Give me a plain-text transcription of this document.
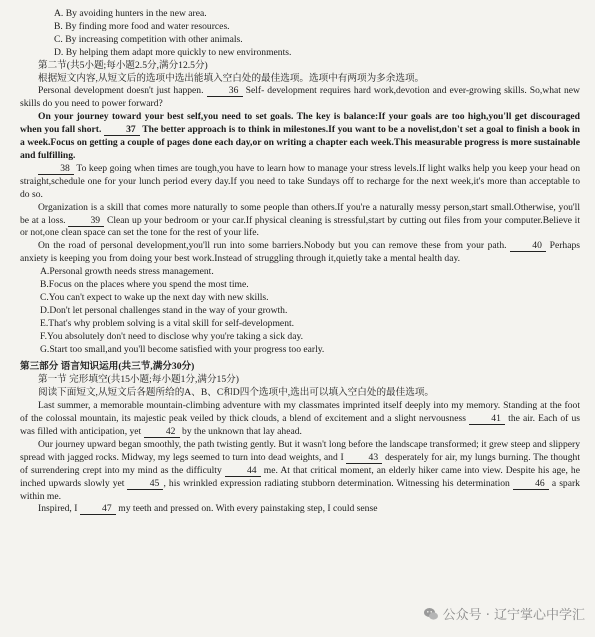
A. By avoiding hunters in the new area.
B. By finding more food and water resources.
C. By increasing competition with other animals.
D. By helping them adapt more quickly to new environments.
第二节(共5小题;每小题2.5分,满分12.5分)
根据短文内容,从短文后的选项中选出能填入空白处的最佳选项。选项中有两项为多余选项。
Personal development doesn't just happen.	36 Self- development requires hard work,devotion and ever-growing skills. So,what new skills do you need to power forward?
On your journey toward your best self,you need to set goals. The key is balance:If your goals are too high,you'll get discouraged when you fall short.	37 The better approach is to think in milestones.If you want to be a novelist,don't set a goal to finish a book in a week.Focus on getting a couple of pages done each day,or on writing a chapter each week.This measurable progress is more sustainable and fulfilling.
38 To keep going when times are tough,you have to learn how to manage your stress levels.If light walks help you keep your head on straight,schedule one for your lunch period every day.If you need to take Sundays off to recharge for the next week,it's more than acceptable to do so.
Organization is a skill that comes more naturally to some people than others.If you're a naturally messy person,start small.Otherwise, you'll be at a loss.	39 Clean up your bedroom or your car.If physical cleaning is stressful,start by cutting out files from your computer.Believe it or not,one clean space can set the tone for the rest of your life.
On the road of personal development,you'll run into some barriers.Nobody but you can remove these from your path.	40 Perhaps anxiety is keeping you from doing your best work.Instead of struggling through it,quietly take a mental health day.
A.Personal growth needs stress management.
B.Focus on the places where you spend the most time.
C.You can't expect to wake up the next day with new skills.
D.Don't let personal challenges stand in the way of your growth.
E.That's why problem solving is a vital skill for self-development.
F.You absolutely don't need to disclose why you're taking a sick day.
G.Start too small,and you'll become satisfied with your progress too early.
第三部分 语言知识运用(共三节,满分30分)
第一节 完形填空(共15小题;每小题1分,满分15分)
阅读下面短文,从短文后各题所给的A、B、C和D四个选项中,选出可以填入空白处的最佳选项。
Last summer, a memorable mountain-climbing adventure with my classmates imprinted itself deeply into my memory. Standing at the foot of the colossal mountain, its majestic peak veiled by thick clouds, a blend of excitement and a slight nervousness	41 the air. Each of us was filled with anticipation, yet	42 by the unknown that lay ahead.
Our journey upward began smoothly, the path twisting gently. But it wasn't long before the landscape transformed; it grew steep and slippery spread with jagged rocks. Midway, my legs seemed to turn into dead weights, and I	43 desperately for air, my lungs burning. The thought of surrendering crept into my mind as the difficulty	44 me. At that critical moment, an elderly hiker came into view. Despite his age, he inched upwards slowly yet	45 , his wrinkled expression radiating stubborn determination. Witnessing his determination	46 a spark within me.
Inspired, I	47 my teeth and pressed on. With every painstaking step, I could sense
公众号 · 辽宁掌心中学汇
